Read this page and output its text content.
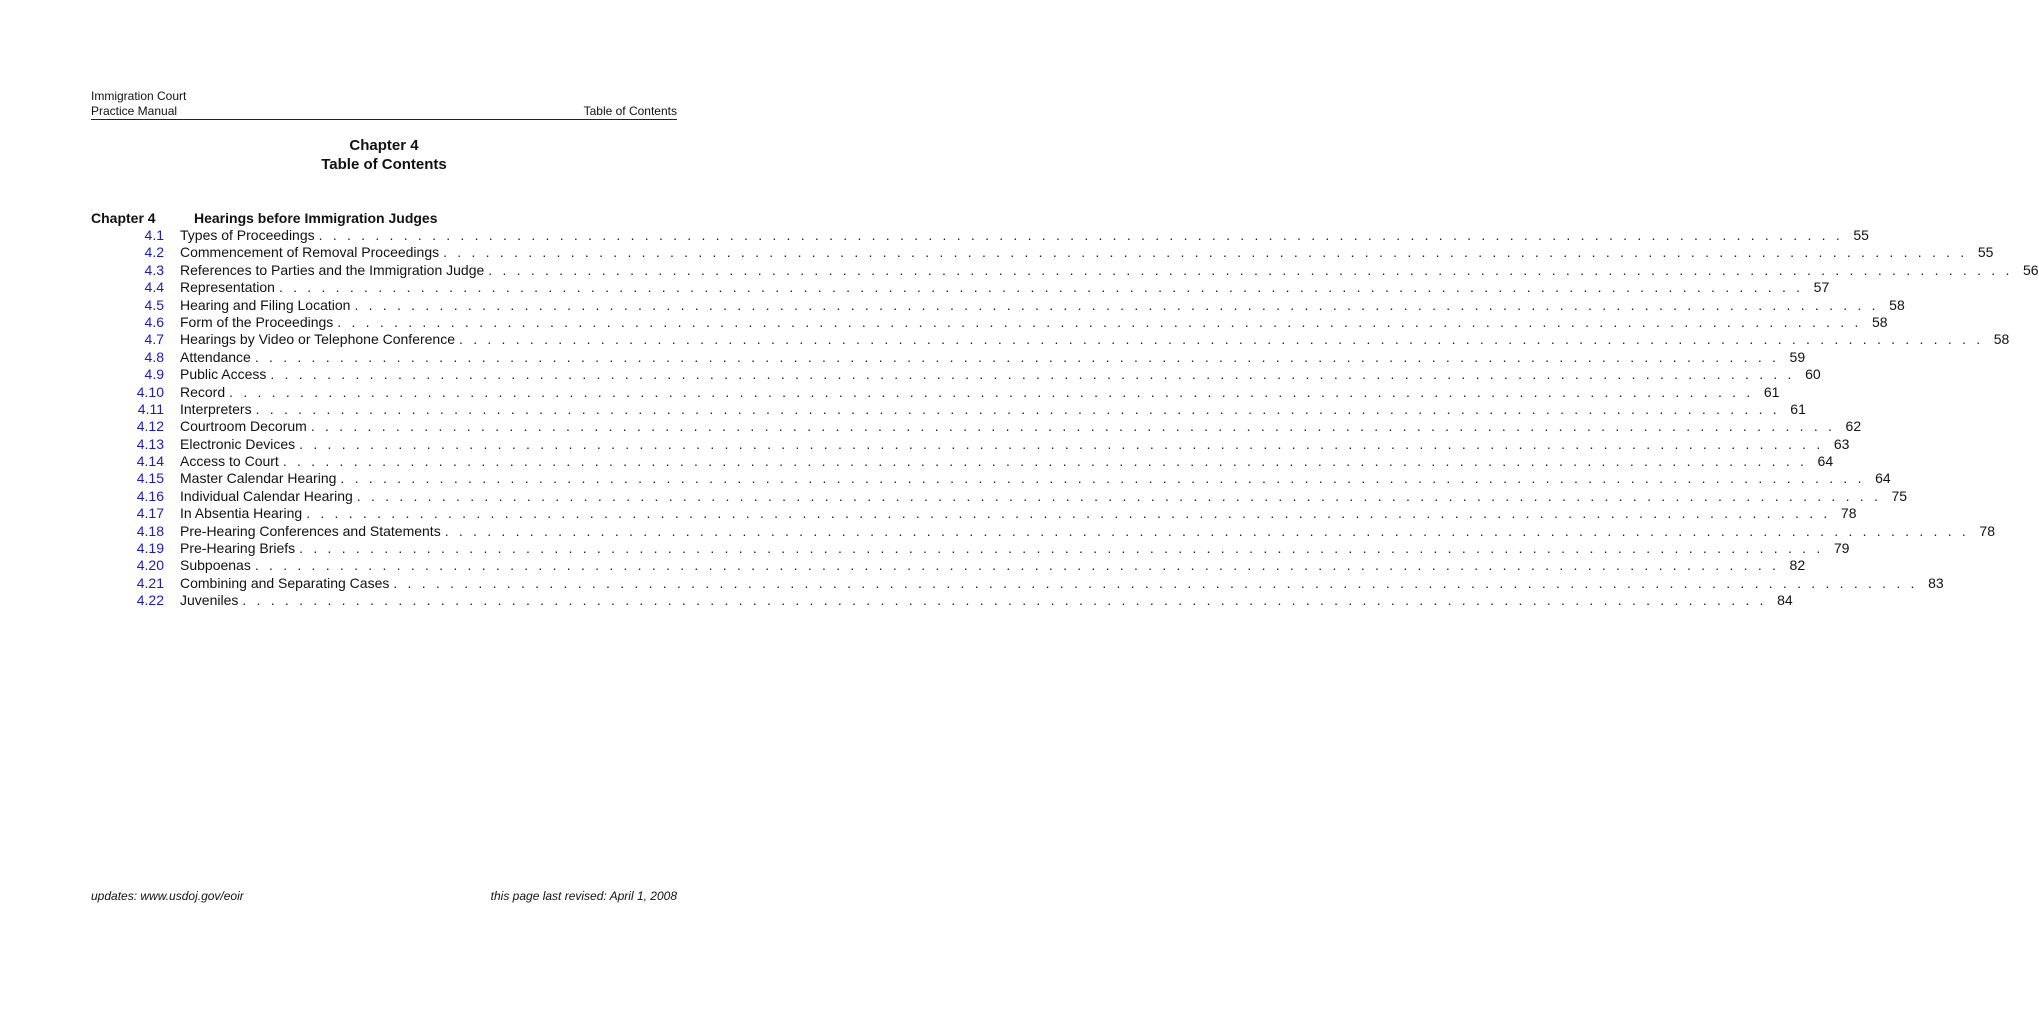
Immigration Court
Practice Manual	Table of Contents
Chapter 4
Table of Contents
Chapter 4	Hearings before Immigration Judges
4.1 Types of Proceedings . . . . . . . . . . . . . . . . . . . . . . . . . . . . . . . . . . . . . . . . . . . . . . . . . . . . . . . . . . . . . . . . . . . . . . . . . . . . . . . . . . . . . . . . . . . . . . . . . . . . . . . . . . . . 55
4.2 Commencement of Removal Proceedings . . . . . . . . . . . . . . . . . . . . . . . . . . . . . . . . . . . . . . . . . . . . . . . . . . . . . . . . . . . . . . . . . . . . . . . . . . . . . . . . . . . . . . . . . . . . . . . . . . . . . . . . . . . . 55
4.3 References to Parties and the Immigration Judge . . . . . . . . . . . . . . . . . . . . . . . . . . . . . . . . . . . . . . . . . . . . . . . . . . . . . . . . . . . . . . . . . . . . . . . . . . . . . . . . . . . . . . . . . . . . . . . . . . . . . . . . . . . . 56
4.4 Representation . . . . . . . . . . . . . . . . . . . . . . . . . . . . . . . . . . . . . . . . . . . . . . . . . . . . . . . . . . . . . . . . . . . . . . . . . . . . . . . . . . . . . . . . . . . . . . . . . . . . . . . . . . . . 57
4.5 Hearing and Filing Location . . . . . . . . . . . . . . . . . . . . . . . . . . . . . . . . . . . . . . . . . . . . . . . . . . . . . . . . . . . . . . . . . . . . . . . . . . . . . . . . . . . . . . . . . . . . . . . . . . . . . . . . . . . . 58
4.6 Form of the Proceedings . . . . . . . . . . . . . . . . . . . . . . . . . . . . . . . . . . . . . . . . . . . . . . . . . . . . . . . . . . . . . . . . . . . . . . . . . . . . . . . . . . . . . . . . . . . . . . . . . . . . . . . . . . . . 58
4.7 Hearings by Video or Telephone Conference . . . . . . . . . . . . . . . . . . . . . . . . . . . . . . . . . . . . . . . . . . . . . . . . . . . . . . . . . . . . . . . . . . . . . . . . . . . . . . . . . . . . . . . . . . . . . . . . . . . . . . . . . . . . 58
4.8 Attendance . . . . . . . . . . . . . . . . . . . . . . . . . . . . . . . . . . . . . . . . . . . . . . . . . . . . . . . . . . . . . . . . . . . . . . . . . . . . . . . . . . . . . . . . . . . . . . . . . . . . . . . . . . . . 59
4.9 Public Access . . . . . . . . . . . . . . . . . . . . . . . . . . . . . . . . . . . . . . . . . . . . . . . . . . . . . . . . . . . . . . . . . . . . . . . . . . . . . . . . . . . . . . . . . . . . . . . . . . . . . . . . . . . . 60
4.10 Record . . . . . . . . . . . . . . . . . . . . . . . . . . . . . . . . . . . . . . . . . . . . . . . . . . . . . . . . . . . . . . . . . . . . . . . . . . . . . . . . . . . . . . . . . . . . . . . . . . . . . . . . . . . . 61
4.11 Interpreters . . . . . . . . . . . . . . . . . . . . . . . . . . . . . . . . . . . . . . . . . . . . . . . . . . . . . . . . . . . . . . . . . . . . . . . . . . . . . . . . . . . . . . . . . . . . . . . . . . . . . . . . . . . . 61
4.12 Courtroom Decorum . . . . . . . . . . . . . . . . . . . . . . . . . . . . . . . . . . . . . . . . . . . . . . . . . . . . . . . . . . . . . . . . . . . . . . . . . . . . . . . . . . . . . . . . . . . . . . . . . . . . . . . . . . . . 62
4.13 Electronic Devices . . . . . . . . . . . . . . . . . . . . . . . . . . . . . . . . . . . . . . . . . . . . . . . . . . . . . . . . . . . . . . . . . . . . . . . . . . . . . . . . . . . . . . . . . . . . . . . . . . . . . . . . . . . . 63
4.14 Access to Court . . . . . . . . . . . . . . . . . . . . . . . . . . . . . . . . . . . . . . . . . . . . . . . . . . . . . . . . . . . . . . . . . . . . . . . . . . . . . . . . . . . . . . . . . . . . . . . . . . . . . . . . . . . . 64
4.15 Master Calendar Hearing . . . . . . . . . . . . . . . . . . . . . . . . . . . . . . . . . . . . . . . . . . . . . . . . . . . . . . . . . . . . . . . . . . . . . . . . . . . . . . . . . . . . . . . . . . . . . . . . . . . . . . . . . . . . 64
4.16 Individual Calendar Hearing . . . . . . . . . . . . . . . . . . . . . . . . . . . . . . . . . . . . . . . . . . . . . . . . . . . . . . . . . . . . . . . . . . . . . . . . . . . . . . . . . . . . . . . . . . . . . . . . . . . . . . . . . . . . 75
4.17 In Absentia Hearing . . . . . . . . . . . . . . . . . . . . . . . . . . . . . . . . . . . . . . . . . . . . . . . . . . . . . . . . . . . . . . . . . . . . . . . . . . . . . . . . . . . . . . . . . . . . . . . . . . . . . . . . . . . . 78
4.18 Pre-Hearing Conferences and Statements . . . . . . . . . . . . . . . . . . . . . . . . . . . . . . . . . . . . . . . . . . . . . . . . . . . . . . . . . . . . . . . . . . . . . . . . . . . . . . . . . . . . . . . . . . . . . . . . . . . . . . . . . . . . 78
4.19 Pre-Hearing Briefs . . . . . . . . . . . . . . . . . . . . . . . . . . . . . . . . . . . . . . . . . . . . . . . . . . . . . . . . . . . . . . . . . . . . . . . . . . . . . . . . . . . . . . . . . . . . . . . . . . . . . . . . . . . . 79
4.20 Subpoenas . . . . . . . . . . . . . . . . . . . . . . . . . . . . . . . . . . . . . . . . . . . . . . . . . . . . . . . . . . . . . . . . . . . . . . . . . . . . . . . . . . . . . . . . . . . . . . . . . . . . . . . . . . . . 82
4.21 Combining and Separating Cases . . . . . . . . . . . . . . . . . . . . . . . . . . . . . . . . . . . . . . . . . . . . . . . . . . . . . . . . . . . . . . . . . . . . . . . . . . . . . . . . . . . . . . . . . . . . . . . . . . . . . . . . . . . . 83
4.22 Juveniles . . . . . . . . . . . . . . . . . . . . . . . . . . . . . . . . . . . . . . . . . . . . . . . . . . . . . . . . . . . . . . . . . . . . . . . . . . . . . . . . . . . . . . . . . . . . . . . . . . . . . . . . . . . . 84
updates: www.usdoj.gov/eoir	this page last revised: April 1, 2008
